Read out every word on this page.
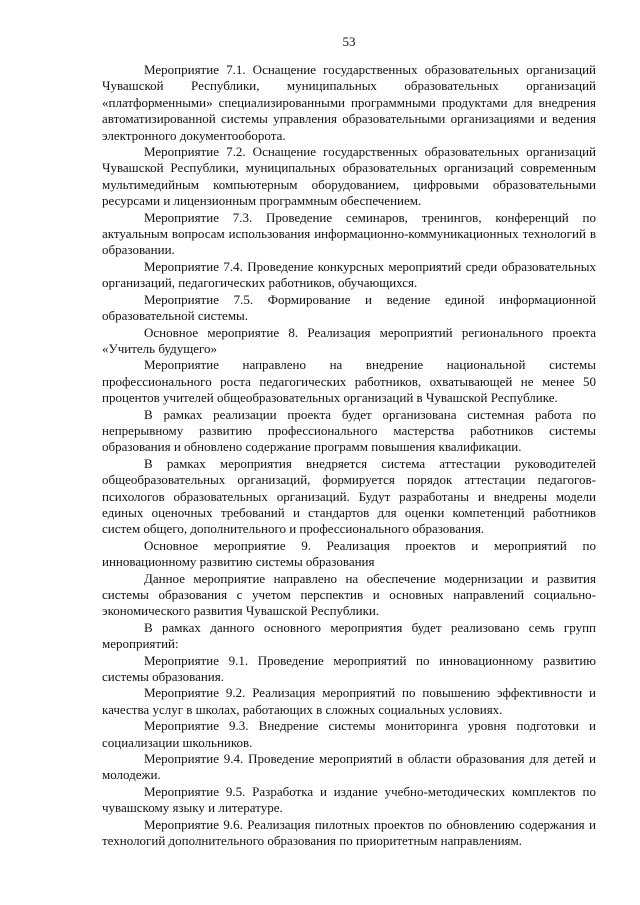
53

Мероприятие 7.1. Оснащение государственных образовательных организаций Чувашской Республики, муниципальных образовательных организаций «платформенными» специализированными программными продуктами для внедрения автоматизированной системы управления образовательными организациями и ведения электронного документооборота.

Мероприятие 7.2. Оснащение государственных образовательных организаций Чувашской Республики, муниципальных образовательных организаций современным мультимедийным компьютерным оборудованием, цифровыми образовательными ресурсами и лицензионным программным обеспечением.

Мероприятие 7.3. Проведение семинаров, тренингов, конференций по актуальным вопросам использования информационно-коммуникационных технологий в образовании.

Мероприятие 7.4. Проведение конкурсных мероприятий среди образовательных организаций, педагогических работников, обучающихся.

Мероприятие 7.5. Формирование и ведение единой информационной образовательной системы.

Основное мероприятие 8. Реализация мероприятий регионального проекта «Учитель будущего»

Мероприятие направлено на внедрение национальной системы профессионального роста педагогических работников, охватывающей не менее 50 процентов учителей общеобразовательных организаций в Чувашской Республике.

В рамках реализации проекта будет организована системная работа по непрерывному развитию профессионального мастерства работников системы образования и обновлено содержание программ повышения квалификации.

В рамках мероприятия внедряется система аттестации руководителей общеобразовательных организаций, формируется порядок аттестации педагогов-психологов образовательных организаций. Будут разработаны и внедрены модели единых оценочных требований и стандартов для оценки компетенций работников систем общего, дополнительного и профессионального образования.

Основное мероприятие 9. Реализация проектов и мероприятий по инновационному развитию системы образования

Данное мероприятие направлено на обеспечение модернизации и развития системы образования с учетом перспектив и основных направлений социально-экономического развития Чувашской Республики.

В рамках данного основного мероприятия будет реализовано семь групп мероприятий:

Мероприятие 9.1. Проведение мероприятий по инновационному развитию системы образования.

Мероприятие 9.2. Реализация мероприятий по повышению эффективности и качества услуг в школах, работающих в сложных социальных условиях.

Мероприятие 9.3. Внедрение системы мониторинга уровня подготовки и социализации школьников.

Мероприятие 9.4. Проведение мероприятий в области образования для детей и молодежи.

Мероприятие 9.5. Разработка и издание учебно-методических комплектов по чувашскому языку и литературе.

Мероприятие 9.6. Реализация пилотных проектов по обновлению содержания и технологий дополнительного образования по приоритетным направлениям.
